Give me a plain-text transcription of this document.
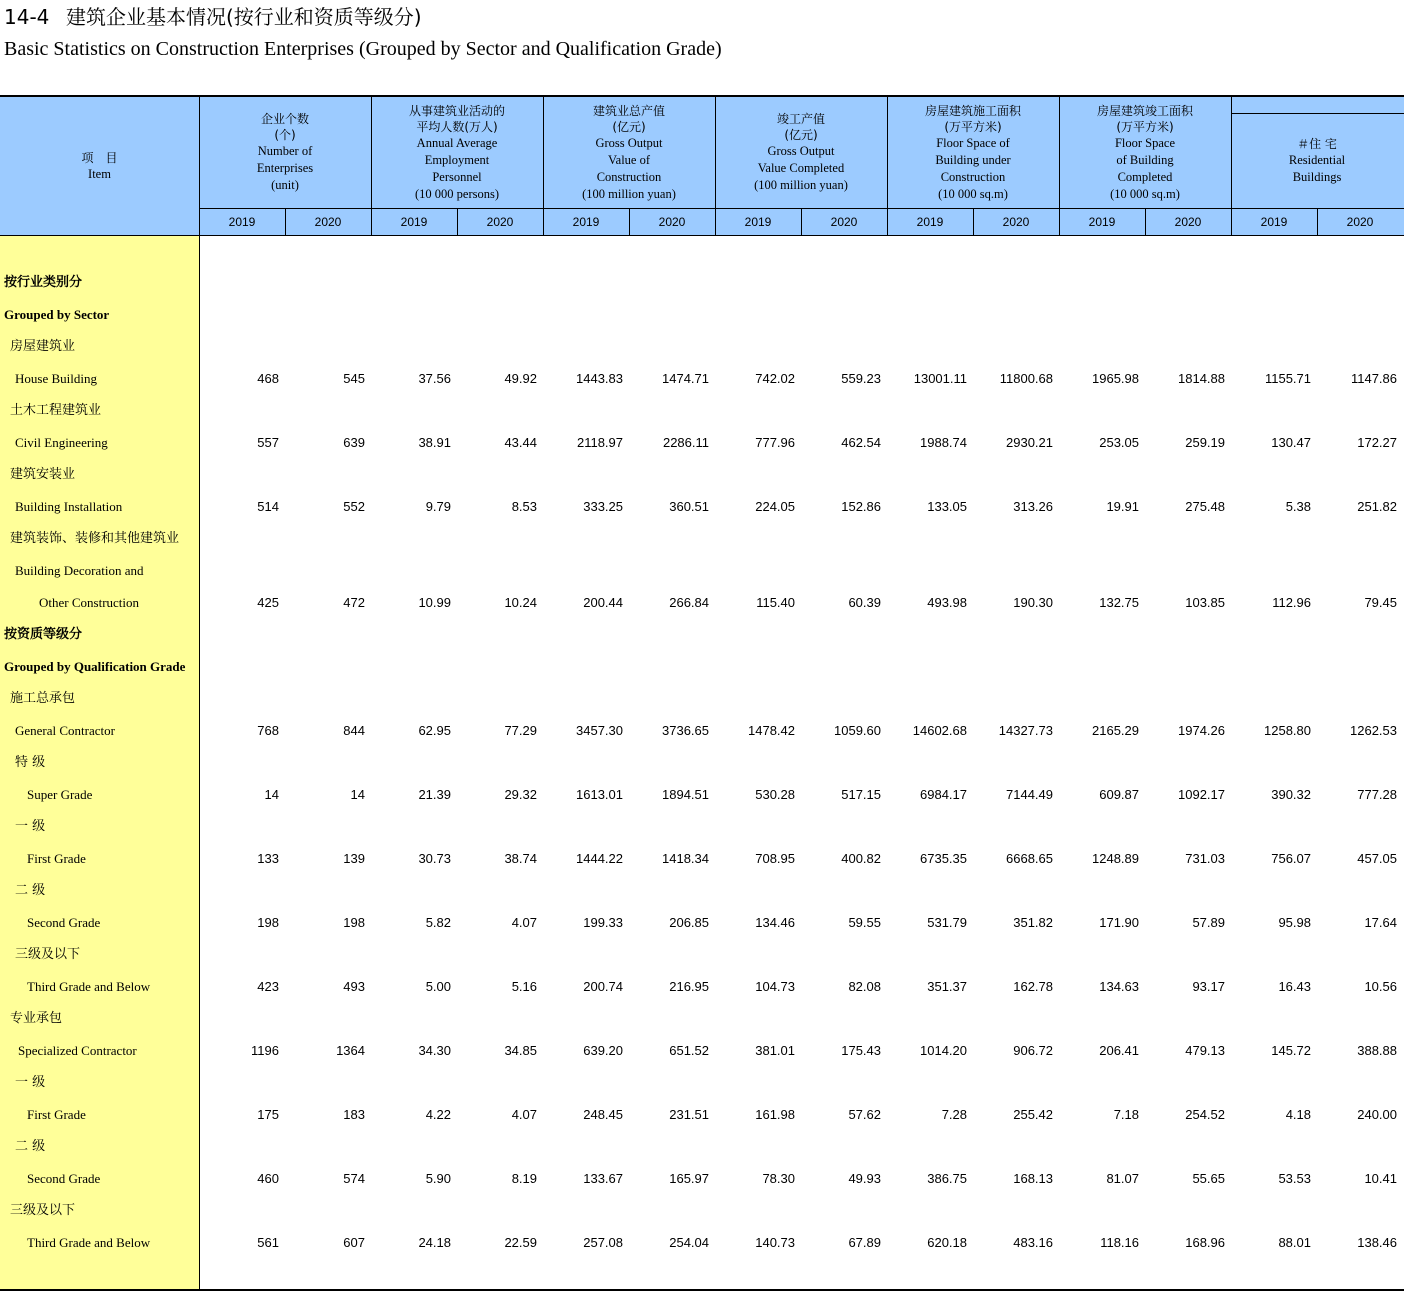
14-4 建筑企业基本情况(按行业和资质等级分)
Basic Statistics on Construction Enterprises (Grouped by Sector and Qualification Grade)
项　目
Item
企业个数
(个)
Number of
Enterprises
(unit)
2019	2020
从事建筑业活动的
平均人数(万人)
Annual Average
Employment
Personnel
(10 000 persons)
2019	2020
建筑业总产值
(亿元)
Gross Output
Value of
Construction
(100 million yuan)
2019	2020
竣工产值
(亿元)
Gross Output
Value Completed
(100 million yuan)
2019	2020
房屋建筑施工面积
(万平方米)
Floor Space of
Building under
Construction
(10 000 sq.m)
2019	2020
房屋建筑竣工面积
(万平方米)
Floor Space
of Building
Completed
(10 000 sq.m)
2019	2020
＃住 宅
Residential
Buildings
2019	2020
按行业类别分
Grouped by Sector
房屋建筑业
House Building	468	545	37.56	49.92	1443.83	1474.71	742.02	559.23	13001.11	11800.68	1965.98	1814.88	1155.71	1147.86
土木工程建筑业
Civil Engineering	557	639	38.91	43.44	2118.97	2286.11	777.96	462.54	1988.74	2930.21	253.05	259.19	130.47	172.27
建筑安装业
Building Installation	514	552	9.79	8.53	333.25	360.51	224.05	152.86	133.05	313.26	19.91	275.48	5.38	251.82
建筑装饰、装修和其他建筑业
Building Decoration and
Other Construction	425	472	10.99	10.24	200.44	266.84	115.40	60.39	493.98	190.30	132.75	103.85	112.96	79.45
按资质等级分
Grouped by Qualification Grade
施工总承包
General Contractor	768	844	62.95	77.29	3457.30	3736.65	1478.42	1059.60	14602.68	14327.73	2165.29	1974.26	1258.80	1262.53
特 级
Super Grade	14	14	21.39	29.32	1613.01	1894.51	530.28	517.15	6984.17	7144.49	609.87	1092.17	390.32	777.28
一 级
First Grade	133	139	30.73	38.74	1444.22	1418.34	708.95	400.82	6735.35	6668.65	1248.89	731.03	756.07	457.05
二 级
Second Grade	198	198	5.82	4.07	199.33	206.85	134.46	59.55	531.79	351.82	171.90	57.89	95.98	17.64
三级及以下
Third Grade and Below	423	493	5.00	5.16	200.74	216.95	104.73	82.08	351.37	162.78	134.63	93.17	16.43	10.56
专业承包
Specialized Contractor	1196	1364	34.30	34.85	639.20	651.52	381.01	175.43	1014.20	906.72	206.41	479.13	145.72	388.88
一 级
First Grade	175	183	4.22	4.07	248.45	231.51	161.98	57.62	7.28	255.42	7.18	254.52	4.18	240.00
二 级
Second Grade	460	574	5.90	8.19	133.67	165.97	78.30	49.93	386.75	168.13	81.07	55.65	53.53	10.41
三级及以下
Third Grade and Below	561	607	24.18	22.59	257.08	254.04	140.73	67.89	620.18	483.16	118.16	168.96	88.01	138.46
